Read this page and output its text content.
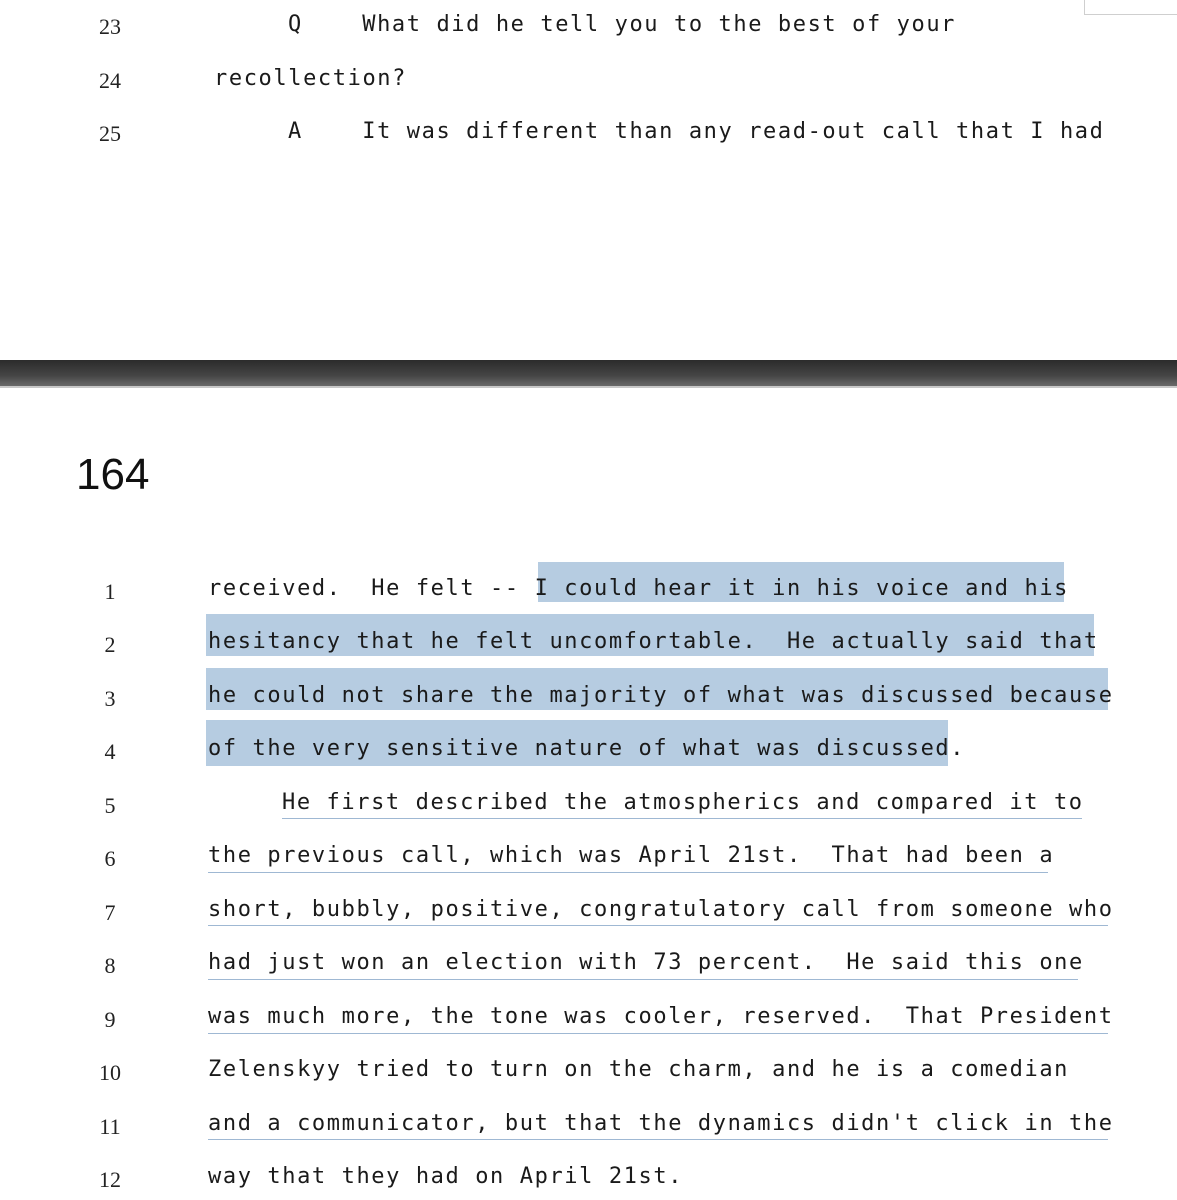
23	Q    What did he tell you to the best of your
24	recollection?
25	A    It was different than any read-out call that I had
164
1	received.  He felt -- I could hear it in his voice and his
2	hesitancy that he felt uncomfortable.  He actually said that
3	he could not share the majority of what was discussed because
4	of the very sensitive nature of what was discussed.
5	He first described the atmospherics and compared it to
6	the previous call, which was April 21st.  That had been a
7	short, bubbly, positive, congratulatory call from someone who
8	had just won an election with 73 percent.  He said this one
9	was much more, the tone was cooler, reserved.  That President
10	Zelenskyy tried to turn on the charm, and he is a comedian
11	and a communicator, but that the dynamics didn't click in the
12	way that they had on April 21st.
